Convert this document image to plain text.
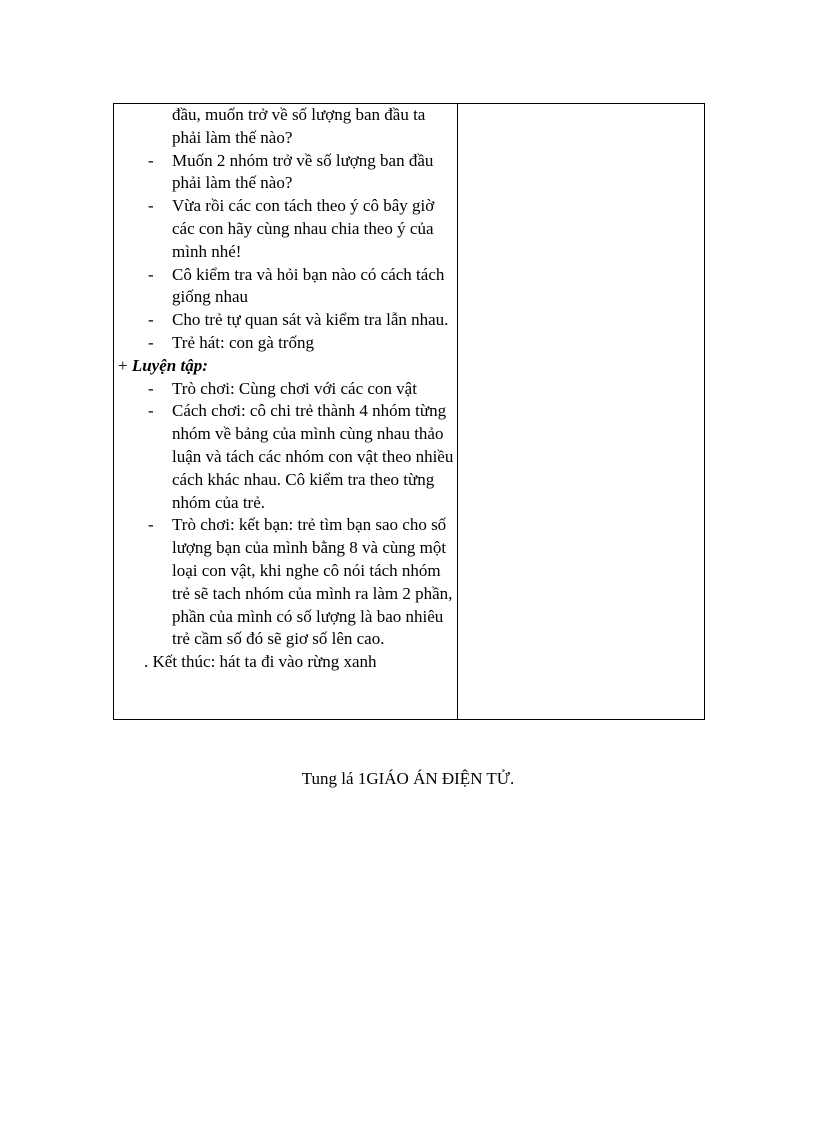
đầu, muốn trở về số lượng ban đầu ta
phải làm thế nào?
- Muốn 2 nhóm trở về số lượng ban đầu phải làm thế nào?
- Vừa rồi các con tách theo ý cô bây giờ các con hãy cùng nhau chia theo ý của mình nhé!
- Cô kiểm tra và hỏi bạn nào có cách tách giống nhau
- Cho trẻ tự quan sát và kiểm tra lẫn nhau.
- Trẻ hát: con gà trống
+ Luyện tập:
- Trò chơi: Cùng chơi với các con vật
- Cách chơi: cô chi trẻ thành 4 nhóm từng nhóm về bảng của mình cùng nhau thảo luận và tách các nhóm con vật theo nhiều cách khác nhau. Cô kiểm tra theo từng nhóm của trẻ.
- Trò chơi: kết bạn: trẻ tìm bạn sao cho số lượng bạn của mình bằng 8 và cùng một loại con vật, khi nghe cô nói tách nhóm trẻ sẽ tach nhóm của mình ra làm 2 phần, phần của mình có số lượng là bao nhiêu trẻ cầm số đó sẽ giơ số lên cao.
. Kết thúc: hát ta đi vào rừng xanh

Tung lá 1GIÁO ÁN ĐIỆN TỬ.
